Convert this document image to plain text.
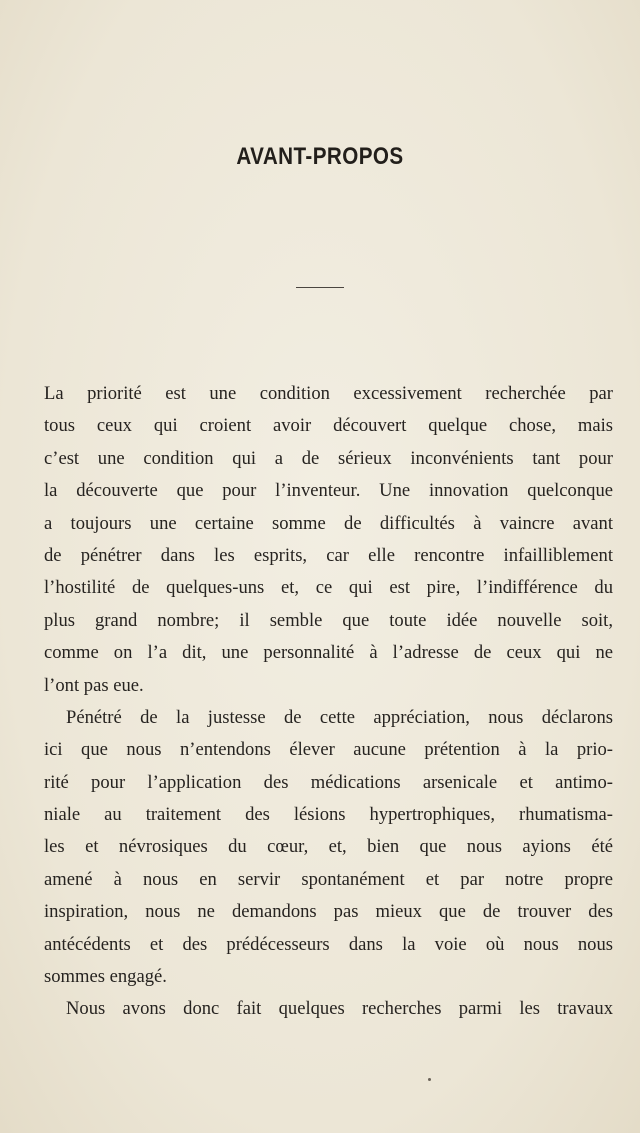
AVANT-PROPOS
La priorité est une condition excessivement recherchée par
tous ceux qui croient avoir découvert quelque chose, mais
c’est une condition qui a de sérieux inconvénients tant pour
la découverte que pour l’inventeur. Une innovation quelconque
a toujours une certaine somme de difficultés à vaincre avant
de pénétrer dans les esprits, car elle rencontre infailliblement
l’hostilité de quelques-uns et, ce qui est pire, l’indifférence du
plus grand nombre; il semble que toute idée nouvelle soit,
comme on l’a dit, une personnalité à l’adresse de ceux qui ne
l’ont pas eue.
Pénétré de la justesse de cette appréciation, nous déclarons
ici que nous n’entendons élever aucune prétention à la prio-
rité pour l’application des médications arsenicale et antimo-
niale au traitement des lésions hypertrophiques, rhumatisma-
les et névrosiques du cœur, et, bien que nous ayions été
amené à nous en servir spontanément et par notre propre
inspiration, nous ne demandons pas mieux que de trouver des
antécédents et des prédécesseurs dans la voie où nous nous
sommes engagé.
Nous avons donc fait quelques recherches parmi les travaux
